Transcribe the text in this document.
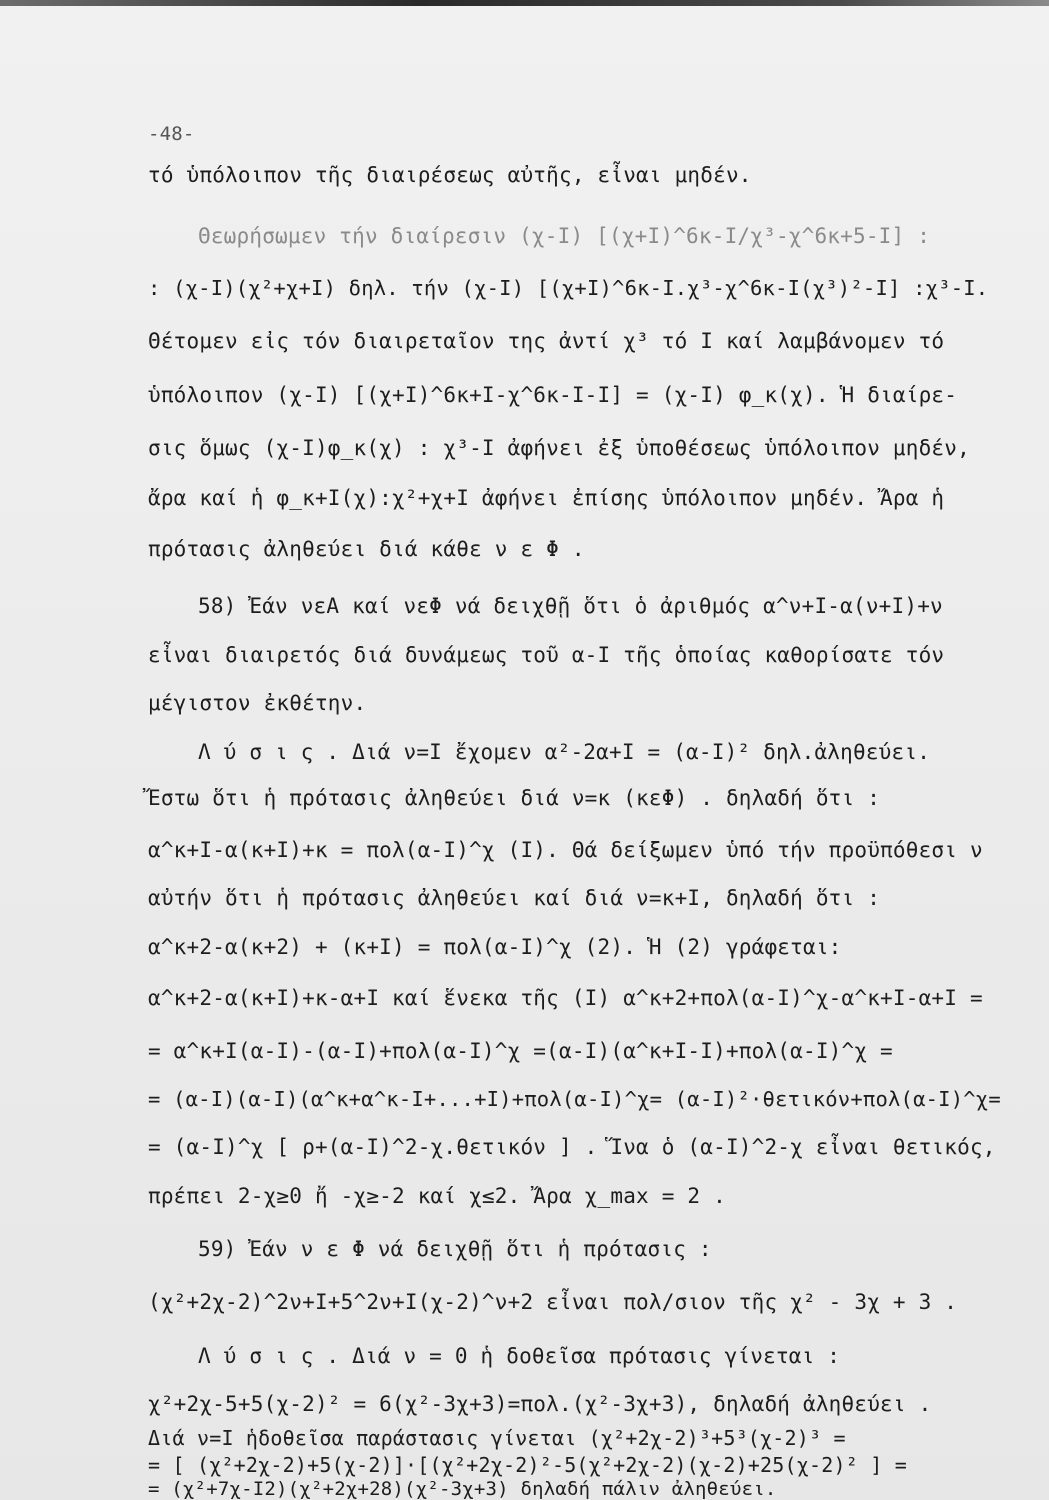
-48-
τό ὑπόλοιπον τῆς διαιρέσεως αὐτῆς, εἶναι μηδέν.
Θεωρήσωμεν τήν διαίρεσιν (χ-Ι) [(χ+Ι)^6κ-Ι/χ³-χ^6κ+5-Ι] :
: (χ-Ι)(χ²+χ+Ι) δηλ. τήν (χ-Ι) [(χ+Ι)^6κ-Ι.χ³-χ^6κ-Ι(χ³)²-Ι] :χ³-Ι.
Θέτομεν εἰς τόν διαιρεταῖον της ἀντί χ³ τό Ι καί λαμβάνομεν τό
ὑπόλοιπον (χ-Ι) [(χ+Ι)^6κ+Ι-χ^6κ-Ι-Ι] = (χ-Ι) φ_κ(χ). Ἡ διαίρε-
σις ὅμως (χ-Ι)φ_κ(χ) : χ³-Ι ἀφήνει ἐξ ὑποθέσεως ὑπόλοιπον μηδέν,
ἄρα καί ἡ φ_κ+Ι(χ):χ²+χ+Ι ἀφήνει ἐπίσης ὑπόλοιπον μηδέν. Ἄρα ἡ
πρότασις ἀληθεύει διά κάθε ν ε Φ .
58) Ἐάν νεΑ καί νεΦ νά δειχθῇ ὅτι ὁ ἀριθμός α^ν+Ι-α(ν+Ι)+ν
εἶναι διαιρετός διά δυνάμεως τοῦ α-Ι τῆς ὁποίας καθορίσατε τόν
μέγιστον ἐκθέτην.
Λ ύ σ ι ς . Διά ν=Ι ἔχομεν α²-2α+Ι = (α-Ι)² δηλ.ἀληθεύει.
Ἔστω ὅτι ἡ πρότασις ἀληθεύει διά ν=κ (κεΦ) . δηλαδή ὅτι :
α^κ+Ι-α(κ+Ι)+κ = πολ(α-Ι)^χ (Ι). Θά δείξωμεν ὑπό τήν προϋπόθεσι ν
αὐτήν ὅτι ἡ πρότασις ἀληθεύει καί διά ν=κ+Ι, δηλαδή ὅτι :
α^κ+2-α(κ+2) + (κ+Ι) = πολ(α-Ι)^χ (2). Ἡ (2) γράφεται:
α^κ+2-α(κ+Ι)+κ-α+Ι καί ἕνεκα τῆς (Ι) α^κ+2+πολ(α-Ι)^χ-α^κ+Ι-α+Ι =
= α^κ+Ι(α-Ι)-(α-Ι)+πολ(α-Ι)^χ =(α-Ι)(α^κ+Ι-Ι)+πολ(α-Ι)^χ =
= (α-Ι)(α-Ι)(α^κ+α^κ-Ι+...+Ι)+πολ(α-Ι)^χ= (α-Ι)²·θετικόν+πολ(α-Ι)^χ=
= (α-Ι)^χ [ ρ+(α-Ι)^2-χ.θετικόν ] . Ἵνα ὁ (α-Ι)^2-χ εἶναι θετικός,
πρέπει 2-χ≥0 ἤ -χ≥-2 καί χ≤2. Ἄρα χ_max = 2 .
59) Ἐάν ν ε Φ νά δειχθῇ ὅτι ἡ πρότασις :
(χ²+2χ-2)^2ν+Ι+5^2ν+Ι(χ-2)^ν+2 εἶναι πολ/σιον τῆς χ² - 3χ + 3 .
Λ ύ σ ι ς . Διά ν = 0 ἡ δοθεῖσα πρότασις γίνεται :
χ²+2χ-5+5(χ-2)² = 6(χ²-3χ+3)=πολ.(χ²-3χ+3), δηλαδή ἀληθεύει .
Διά ν=Ι ἡδοθεῖσα παράστασις γίνεται (χ²+2χ-2)³+5³(χ-2)³ =
= [ (χ²+2χ-2)+5(χ-2)]·[(χ²+2χ-2)²-5(χ²+2χ-2)(χ-2)+25(χ-2)² ] =
= (χ²+7χ-Ι2)(χ²+2χ+28)(χ²-3χ+3) δηλαδή πάλιν ἀληθεύει.
